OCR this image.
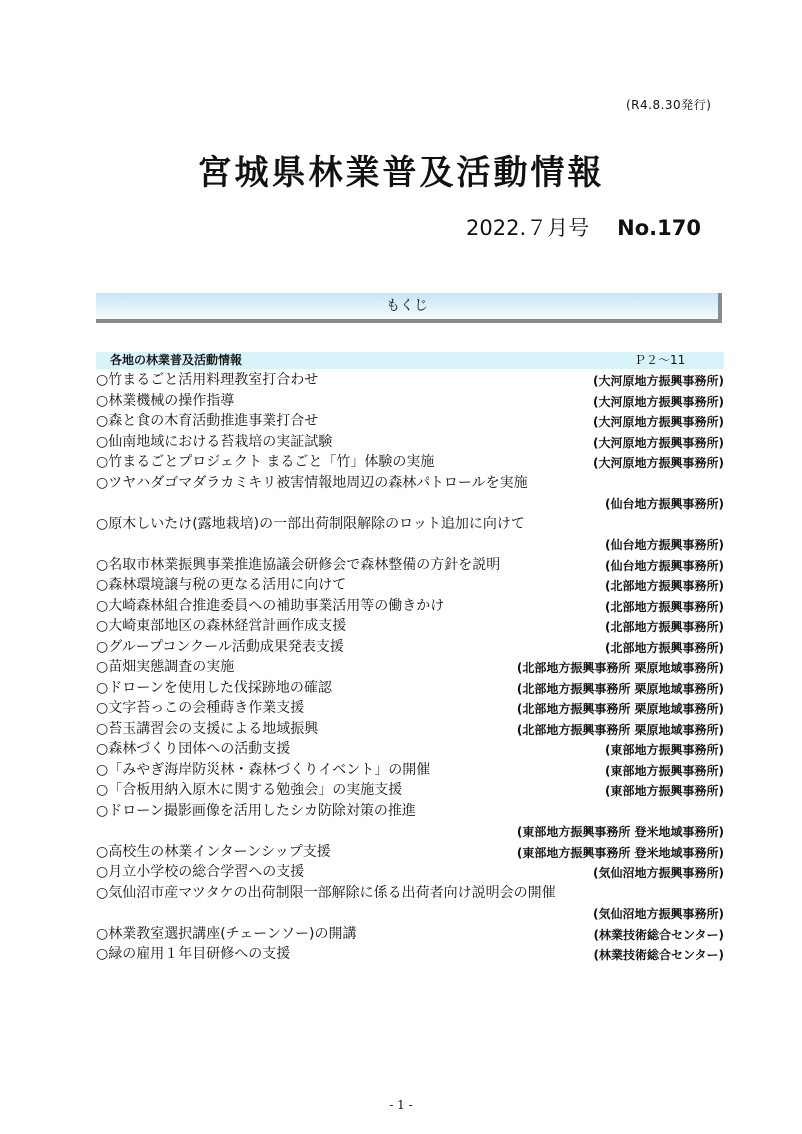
(R4.8.30発行)
宮城県林業普及活動情報
2022.７月号 No.170
もくじ
各地の林業普及活動情報	Ｐ２～11
○竹まるごと活用料理教室打合わせ	(大河原地方振興事務所)
○林業機械の操作指導	(大河原地方振興事務所)
○森と食の木育活動推進事業打合せ	(大河原地方振興事務所)
○仙南地域における苔栽培の実証試験	(大河原地方振興事務所)
○竹まるごとプロジェクト まるごと「竹」体験の実施	(大河原地方振興事務所)
○ツヤハダゴマダラカミキリ被害情報地周辺の森林パトロールを実施
(仙台地方振興事務所)
○原木しいたけ(露地栽培)の一部出荷制限解除のロット追加に向けて
(仙台地方振興事務所)
○名取市林業振興事業推進協議会研修会で森林整備の方針を説明	(仙台地方振興事務所)
○森林環境譲与税の更なる活用に向けて	(北部地方振興事務所)
○大崎森林組合推進委員への補助事業活用等の働きかけ	(北部地方振興事務所)
○大崎東部地区の森林経営計画作成支援	(北部地方振興事務所)
○グループコンクール活動成果発表支援	(北部地方振興事務所)
○苗畑実態調査の実施	(北部地方振興事務所 栗原地域事務所)
○ドローンを使用した伐採跡地の確認	(北部地方振興事務所 栗原地域事務所)
○文字苔っこの会種蒔き作業支援	(北部地方振興事務所 栗原地域事務所)
○苔玉講習会の支援による地域振興	(北部地方振興事務所 栗原地域事務所)
○森林づくり団体への活動支援	(東部地方振興事務所)
○「みやぎ海岸防災林・森林づくりイベント」の開催	(東部地方振興事務所)
○「合板用納入原木に関する勉強会」の実施支援	(東部地方振興事務所)
○ドローン撮影画像を活用したシカ防除対策の推進
(東部地方振興事務所 登米地域事務所)
○高校生の林業インターンシップ支援	(東部地方振興事務所 登米地域事務所)
○月立小学校の総合学習への支援	(気仙沼地方振興事務所)
○気仙沼市産マツタケの出荷制限一部解除に係る出荷者向け説明会の開催
(気仙沼地方振興事務所)
○林業教室選択講座(チェーンソー)の開講	(林業技術総合センター)
○緑の雇用１年目研修への支援	(林業技術総合センター)
- 1 -
